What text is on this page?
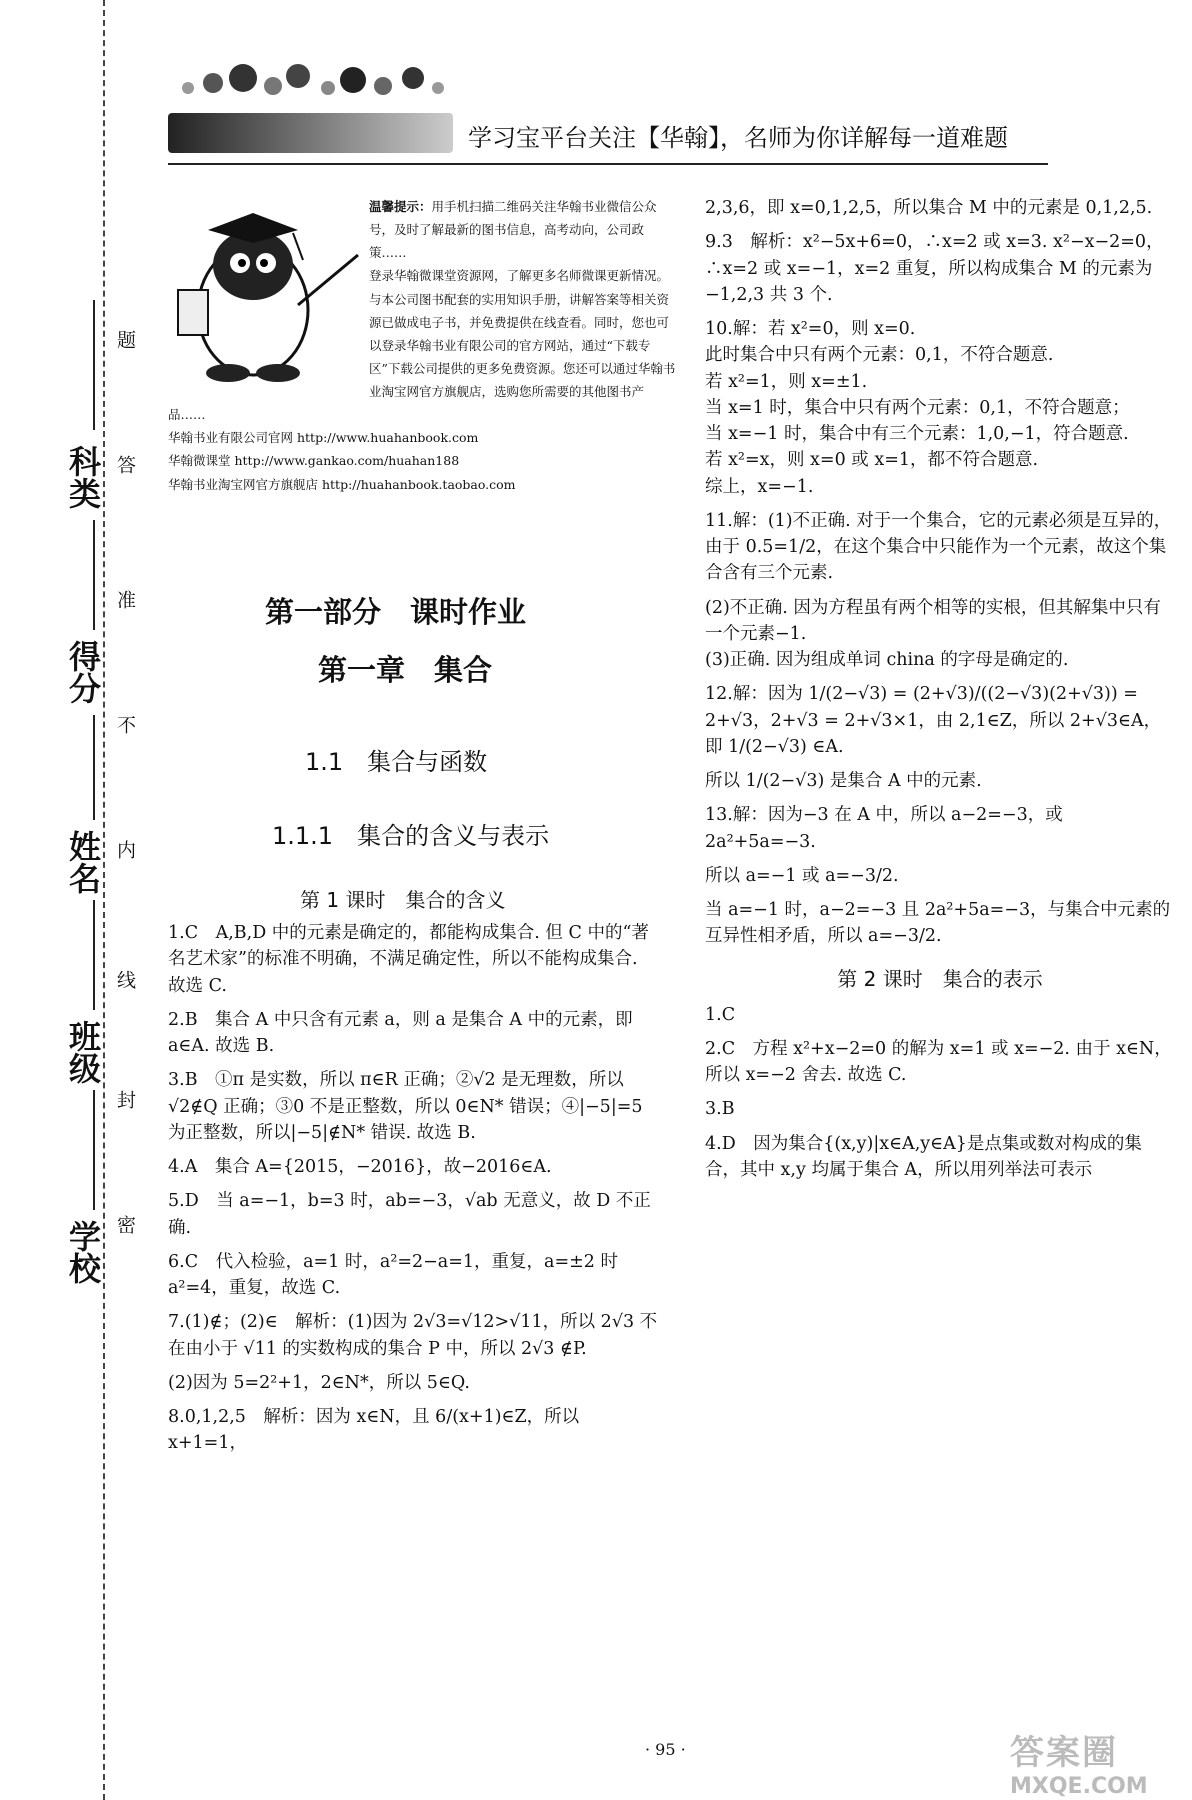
题
答
准
不
内
线
封
密
科类
得分
姓名
班级
学校
学习宝平台关注【华翰】，名师为你详解每一道难题
温馨提示：用手机扫描二维码关注华翰书业微信公众号，及时了解最新的图书信息，高考动向，公司政策……
登录华翰微课堂资源网，了解更多名师微课更新情况。与本公司图书配套的实用知识手册，讲解答案等相关资源已做成电子书，并免费提供在线查看。同时，您也可以登录华翰书业有限公司的官方网站，通过“下载专区”下载公司提供的更多免费资源。您还可以通过华翰书业淘宝网官方旗舰店，选购您所需要的其他图书产品……
华翰书业有限公司官网 http://www.huahanbook.com
华翰微课堂 http://www.gankao.com/huahan188
华翰书业淘宝网官方旗舰店 http://huahanbook.taobao.com
第一部分　课时作业
第一章　集合
1.1　集合与函数
1.1.1　集合的含义与表示
第 1 课时　集合的含义

1.C　A,B,D 中的元素是确定的，都能构成集合. 但 C 中的“著名艺术家”的标准不明确，不满足确定性，所以不能构成集合. 故选 C.

2.B　集合 A 中只含有元素 a，则 a 是集合 A 中的元素，即 a∈A. 故选 B.

3.B　①π 是实数，所以 π∈R 正确；②√2 是无理数，所以 √2∉Q 正确；③0 不是正整数，所以 0∈N* 错误；④|−5|=5 为正整数，所以|−5|∉N* 错误. 故选 B.

4.A　集合 A={2015，−2016}，故−2016∈A.

5.D　当 a=−1，b=3 时，ab=−3，√ab 无意义，故 D 不正确.

6.C　代入检验，a=1 时，a²=2−a=1，重复，a=±2 时 a²=4，重复，故选 C.

7.(1)∉；(2)∈　解析：(1)因为 2√3=√12>√11，所以 2√3 不在由小于 √11 的实数构成的集合 P 中，所以 2√3 ∉P.

(2)因为 5=2²+1，2∈N*，所以 5∈Q.

8.0,1,2,5　解析：因为 x∈N，且 6/(x+1)∈Z，所以 x+1=1，

2,3,6，即 x=0,1,2,5，所以集合 M 中的元素是 0,1,2,5.

9.3　解析：x²−5x+6=0，∴x=2 或 x=3. x²−x−2=0，∴x=2 或 x=−1，x=2 重复，所以构成集合 M 的元素为−1,2,3 共 3 个.

10.解：若 x²=0，则 x=0.

此时集合中只有两个元素：0,1，不符合题意.

若 x²=1，则 x=±1.

当 x=1 时，集合中只有两个元素：0,1，不符合题意；

当 x=−1 时，集合中有三个元素：1,0,−1，符合题意.

若 x²=x，则 x=0 或 x=1，都不符合题意.

综上，x=−1.

11.解：(1)不正确. 对于一个集合，它的元素必须是互异的，由于 0.5=1/2，在这个集合中只能作为一个元素，故这个集合含有三个元素.

(2)不正确. 因为方程虽有两个相等的实根，但其解集中只有一个元素−1.

(3)正确. 因为组成单词 china 的字母是确定的.

12.解：因为 1/(2−√3) = (2+√3)/((2−√3)(2+√3)) = 2+√3，2+√3 = 2+√3×1，由 2,1∈Z，所以 2+√3∈A，即 1/(2−√3) ∈A.

所以 1/(2−√3) 是集合 A 中的元素.

13.解：因为−3 在 A 中，所以 a−2=−3，或 2a²+5a=−3.

所以 a=−1 或 a=−3/2.

当 a=−1 时，a−2=−3 且 2a²+5a=−3，与集合中元素的互异性相矛盾，所以 a=−3/2.

第 2 课时　集合的表示

1.C

2.C　方程 x²+x−2=0 的解为 x=1 或 x=−2. 由于 x∈N，所以 x=−2 舍去. 故选 C.

3.B

4.D　因为集合{(x,y)|x∈A,y∈A}是点集或数对构成的集合，其中 x,y 均属于集合 A，所以用列举法可表示

· 95 ·	答案圈
MXQE.COM
